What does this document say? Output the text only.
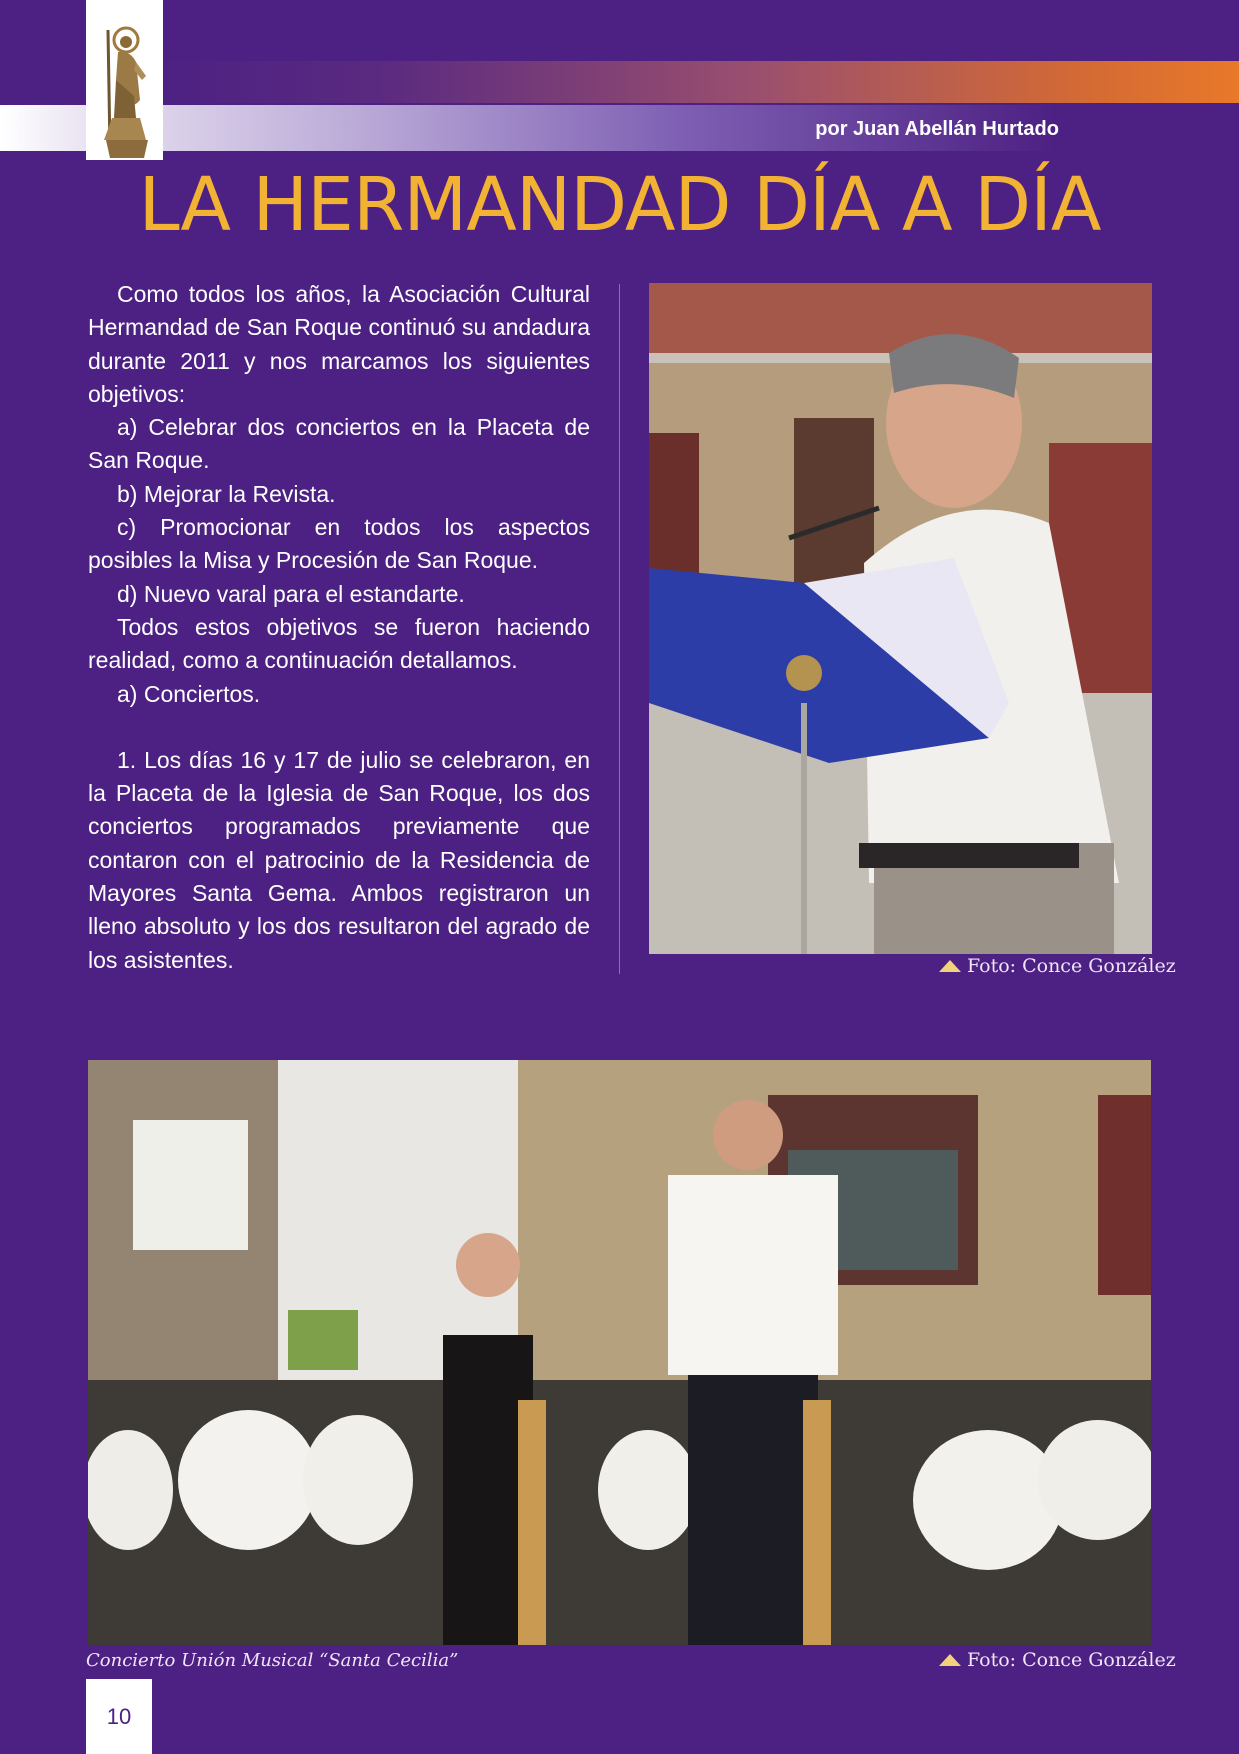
por Juan Abellán Hurtado
LA HERMANDAD DÍA A DÍA

Como todos los años, la Asociación Cultural Hermandad de San Roque continuó su andadura durante 2011 y nos marcamos los siguientes objetivos:

a) Celebrar dos conciertos en la Placeta de San Roque.

b) Mejorar la Revista.

c) Promocionar en todos los aspectos posibles la Misa y Procesión de San Roque.

d) Nuevo varal para el estandarte.

Todos estos objetivos se fueron haciendo realidad, como a continuación detallamos.

a) Conciertos.

1. Los días 16 y 17 de julio se celebraron, en la Placeta de la Iglesia de San Roque, los dos conciertos programados previamente que contaron con el patrocinio de la Residencia de Mayores Santa Gema. Ambos registraron un lleno absoluto y los dos resultaron del agrado de los asistentes.	Foto: Conce González
Concierto Unión Musical “Santa Cecilia”	Foto: Conce González
10
